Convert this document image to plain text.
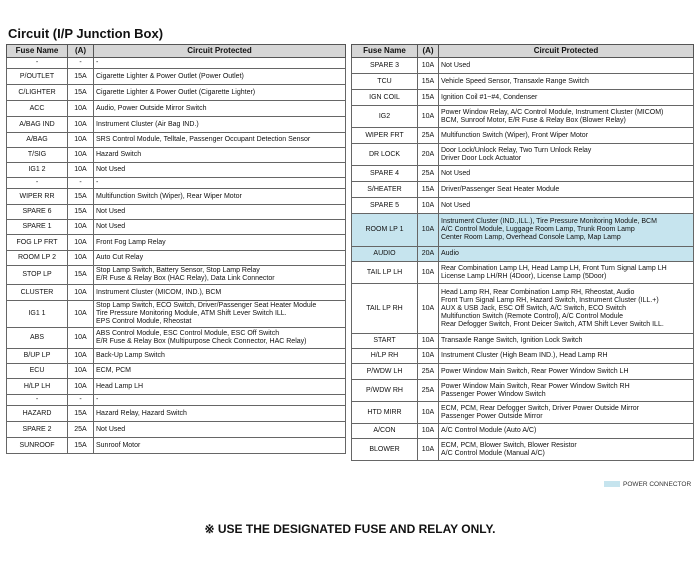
Circuit (I/P Junction Box)
Fuse Name	(A)	Circuit Protected
-	-	-
P/OUTLET	15A	Cigarette Lighter & Power Outlet (Power Outlet)
C/LIGHTER	15A	Cigarette Lighter & Power Outlet (Cigarette Lighter)
ACC	10A	Audio, Power Outside Mirror Switch
A/BAG IND	10A	Instrument Cluster (Air Bag IND.)
A/BAG	10A	SRS Control Module, Telltale, Passenger Occupant Detection Sensor
T/SIG	10A	Hazard Switch
IG1 2	10A	Not Used
-	-	-
WIPER RR	15A	Multifunction Switch (Wiper), Rear Wiper Motor
SPARE 6	15A	Not Used
SPARE 1	10A	Not Used
FOG LP FRT	10A	Front Fog Lamp Relay
ROOM LP 2	10A	Auto Cut Relay
STOP LP	15A	Stop Lamp Switch, Battery Sensor, Stop Lamp Relay
E/R Fuse & Relay Box (HAC Relay), Data Link Connector
CLUSTER	10A	Instrument Cluster (MICOM, IND.), BCM
IG1 1	10A	Stop Lamp Switch, ECO Switch, Driver/Passenger Seat Heater Module
Tire Pressure Monitoring Module, ATM Shift Lever Switch ILL.
EPS Control Module, Rheostat
ABS	10A	ABS Control Module, ESC Control Module, ESC Off Switch
E/R Fuse & Relay Box (Multipurpose Check Connector, HAC Relay)
B/UP LP	10A	Back-Up Lamp Switch
ECU	10A	ECM, PCM
H/LP LH	10A	Head Lamp LH
-	-	-
HAZARD	15A	Hazard Relay, Hazard Switch
SPARE 2	25A	Not Used
SUNROOF	15A	Sunroof Motor
Fuse Name	(A)	Circuit Protected
SPARE 3	10A	Not Used
TCU	15A	Vehicle Speed Sensor, Transaxle Range Switch
IGN COIL	15A	Ignition Coil #1~#4, Condenser
IG2	10A	Power Window Relay, A/C Control Module, Instrument Cluster (MICOM)
BCM, Sunroof Motor, E/R Fuse & Relay Box (Blower Relay)
WIPER FRT	25A	Multifunction Switch (Wiper), Front Wiper Motor
DR LOCK	20A	Door Lock/Unlock Relay, Two Turn Unlock Relay
Driver Door Lock Actuator
SPARE 4	25A	Not Used
S/HEATER	15A	Driver/Passenger Seat Heater Module
SPARE 5	10A	Not Used
ROOM LP 1	10A	Instrument Cluster (IND.,ILL.), Tire Pressure Monitoring Module, BCM
A/C Control Module, Luggage Room Lamp, Trunk Room Lamp
Center Room Lamp, Overhead Console Lamp, Map Lamp
AUDIO	20A	Audio
TAIL LP LH	10A	Rear Combination Lamp LH, Head Lamp LH, Front Turn Signal Lamp LH
License Lamp LH/RH (4Door), License Lamp (5Door)
TAIL LP RH	10A	Head Lamp RH, Rear Combination Lamp RH, Rheostat, Audio
Front Turn Signal Lamp RH, Hazard Switch, Instrument Cluster (ILL.+)
AUX & USB Jack, ESC Off Switch, A/C Switch, ECO Switch
Multifunction Switch (Remote Control), A/C Control Module
Rear Defogger Switch, Front Deicer Switch, ATM Shift Lever Switch ILL.
START	10A	Transaxle Range Switch, Ignition Lock Switch
H/LP RH	10A	Instrument Cluster (High Beam IND.), Head Lamp RH
P/WDW LH	25A	Power Window Main Switch, Rear Power Window Switch LH
P/WDW RH	25A	Power Window Main Switch, Rear Power Window Switch RH
Passenger Power Window Switch
HTD MIRR	10A	ECM, PCM, Rear Defogger Switch, Driver Power Outside Mirror
Passenger Power Outside Mirror
A/CON	10A	A/C Control Module (Auto A/C)
BLOWER	10A	ECM, PCM, Blower Switch, Blower Resistor
A/C Control Module (Manual A/C)
POWER CONNECTOR
※ USE THE DESIGNATED FUSE AND RELAY ONLY.
